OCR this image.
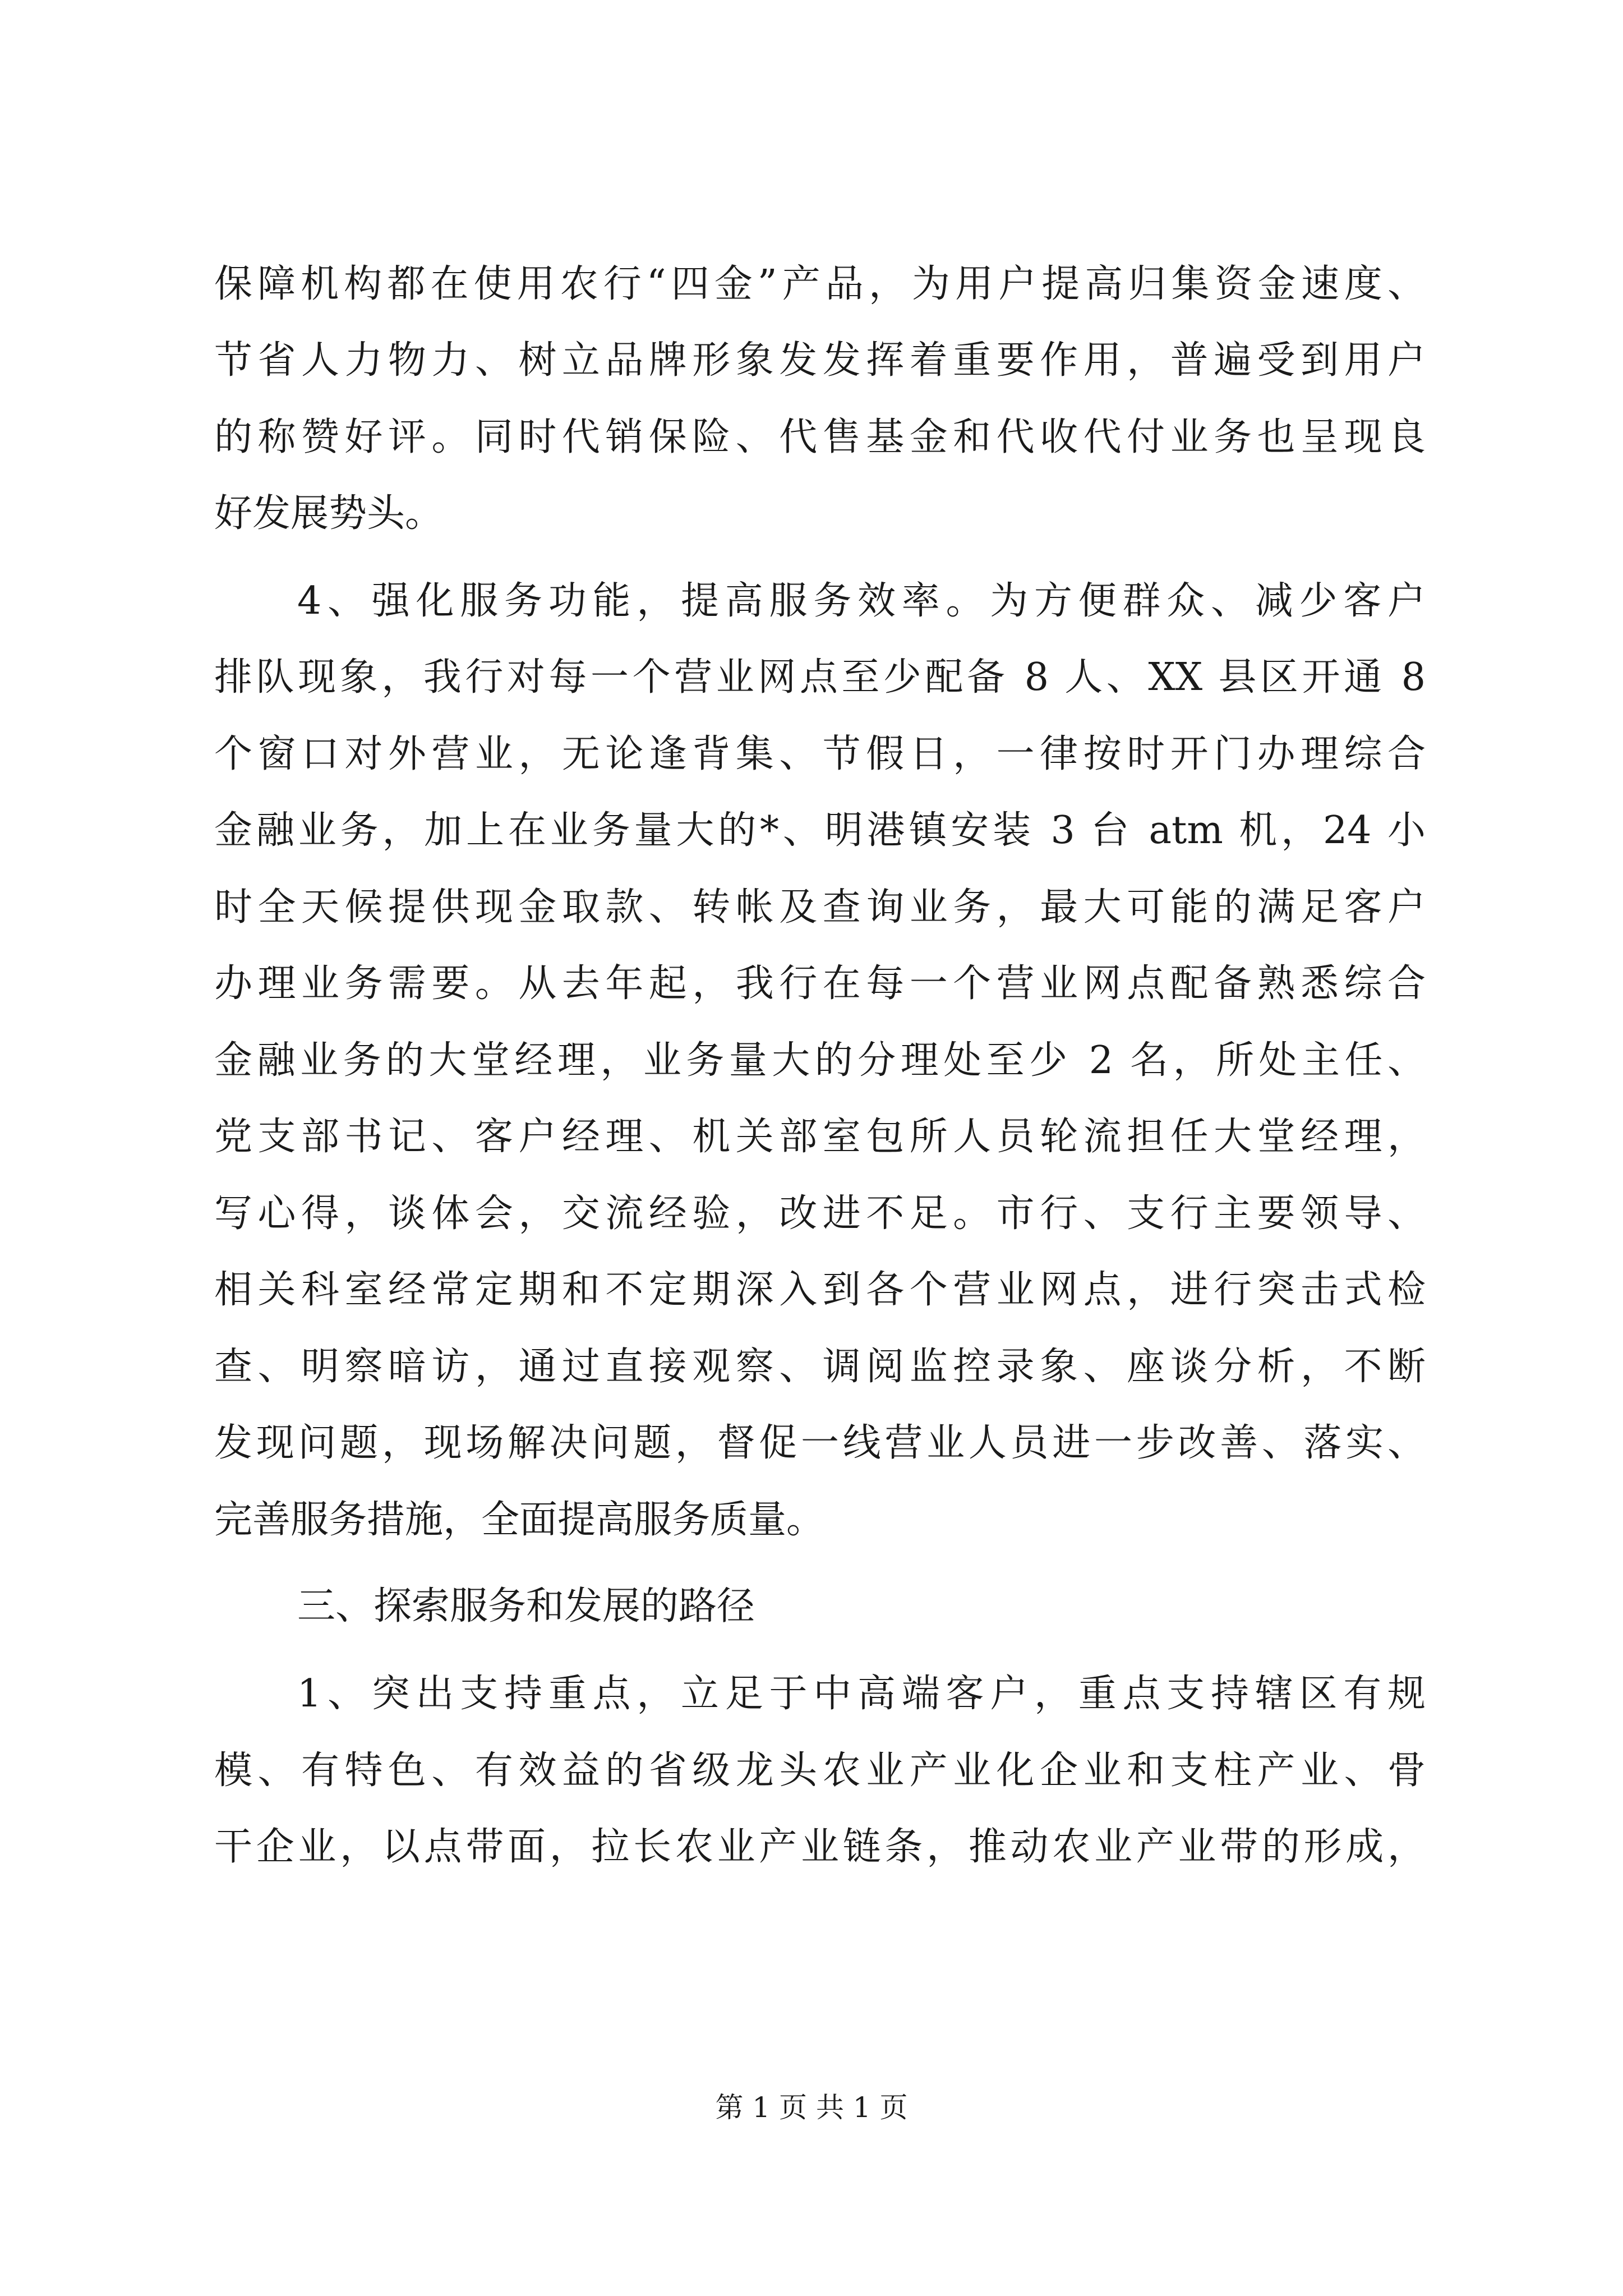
保障机构都在使用农行“四金”产品，为用户提高归集资金速度、
节省人力物力、树立品牌形象发发挥着重要作用，普遍受到用户
的称赞好评。同时代销保险、代售基金和代收代付业务也呈现良
好发展势头。
4、强化服务功能，提高服务效率。为方便群众、减少客户
排队现象，我行对每一个营业网点至少配备 8 人、XX 县区开通 8
个窗口对外营业，无论逢背集、节假日，一律按时开门办理综合
金融业务，加上在业务量大的*、明港镇安装 3 台 atm 机，24 小
时全天候提供现金取款、转帐及查询业务，最大可能的满足客户
办理业务需要。从去年起，我行在每一个营业网点配备熟悉综合
金融业务的大堂经理，业务量大的分理处至少 2 名，所处主任、
党支部书记、客户经理、机关部室包所人员轮流担任大堂经理，
写心得，谈体会，交流经验，改进不足。市行、支行主要领导、
相关科室经常定期和不定期深入到各个营业网点，进行突击式检
查、明察暗访，通过直接观察、调阅监控录象、座谈分析，不断
发现问题，现场解决问题，督促一线营业人员进一步改善、落实、
完善服务措施，全面提高服务质量。
三、探索服务和发展的路径
1、突出支持重点，立足于中高端客户，重点支持辖区有规
模、有特色、有效益的省级龙头农业产业化企业和支柱产业、骨
干企业，以点带面，拉长农业产业链条，推动农业产业带的形成，
第 1 页 共 1 页
